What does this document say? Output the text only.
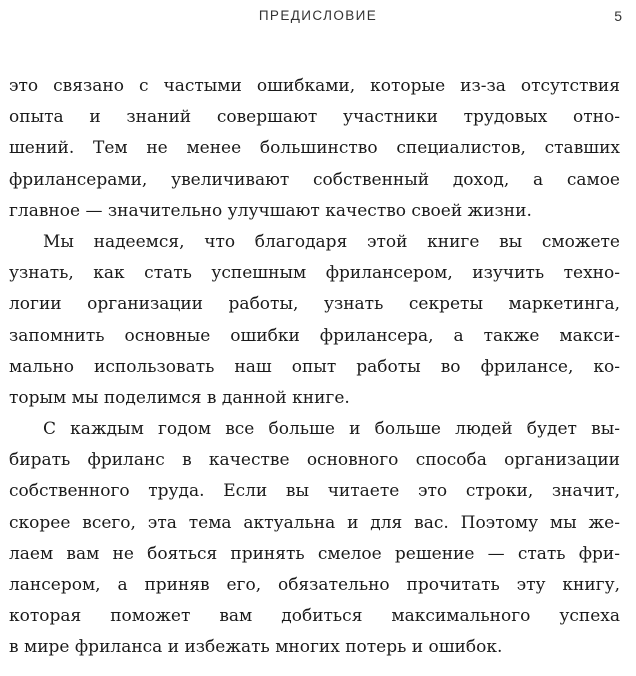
ПРЕДИСЛОВИЕ	5
это связано с частыми ошибками, которые из-за отсутствия
опыта и знаний совершают участники трудовых отно-
шений. Тем не менее большинство специалистов, ставших
фрилансерами, увеличивают собственный доход, а самое
главное — значительно улучшают качество своей жизни.
Мы надеемся, что благодаря этой книге вы сможете
узнать, как стать успешным фрилансером, изучить техно-
логии организации работы, узнать секреты маркетинга,
запомнить основные ошибки фрилансера, а также макси-
мально использовать наш опыт работы во фрилансе, ко-
торым мы поделимся в данной книге.
С каждым годом все больше и больше людей будет вы-
бирать фриланс в качестве основного способа организации
собственного труда. Если вы читаете это строки, значит,
скорее всего, эта тема актуальна и для вас. Поэтому мы же-
лаем вам не бояться принять смелое решение — стать фри-
лансером, а приняв его, обязательно прочитать эту книгу,
которая поможет вам добиться максимального успеха
в мире фриланса и избежать многих потерь и ошибок.
